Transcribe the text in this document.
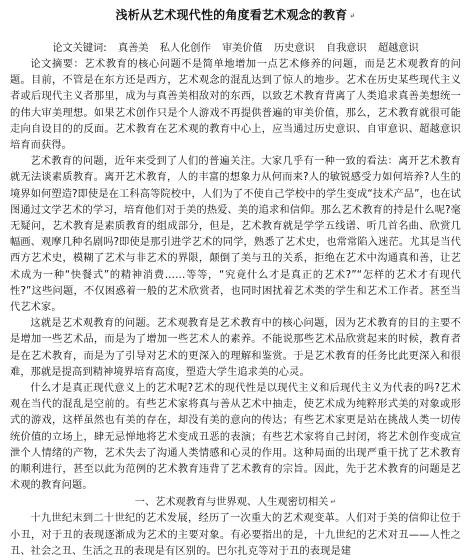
浅析从艺术现代性的角度看艺术观念的教育 ↵
论文关键词: 真善美 私人化创作 审美价值 历史意识 自我意识 超越意识

论文摘要：艺术教育的核心问题不是简单地增加一点艺术修养的问题，而是艺术观教育的问题。目前，不管是在东方还是西方，艺术观念的混乱达到了惊人的地步。艺术在历史某些现代主义者或后现代主义者那里，成为与真善美相敌对的东西，以致艺术教育背离了人类追求真善美想统一的伟大审美理想。如果艺术创作只是个人游戏不再提供普遍的审美价值，那么，艺术教育就很可能走向自设目的的反面。艺术教育在艺术观的教育中心上，应当通过历史意识、自审意识、超越意识培育而获得。

艺术教育的问题，近年来受到了人们的普遍关注。大家几乎有一种一致的看法：离开艺术教育就无法谈素质教育。离开艺术教育，人的丰富的想象力从何而来?人的敏锐感受力如何培养?人生的境界如何塑造?即使是在工科高等院校中，人们为了不使自己学校中的学生变成“技术产品”，也在试图通过文学艺术的学习，培育他们对于美的热爱、美的追求和信仰。那么艺术教育的持是什么呢?毫无疑问，艺术教育是素质教育的组成部分，但是，艺术教育就是学学五线谱、听几首名曲、欣赏几幅画、观摩几种名剧吗?即使是那引进学艺术的同学，熟悉了艺术史，也常常陷入迷茫。尤其是当代西方艺术史，模糊了艺术与非艺术的界限，颠倒了美与丑的关系，拒绝在艺术中沟通真和善，让艺术成为一种“快餐式”的精神消费……等等，“究竟什么才是真正的艺术?”“怎样的艺术才有现代性?”这些问题，不仅困惑着一般的艺术欣赏者，也同时困扰着艺术类的学生和艺术工作者。甚至当代艺术家。

这就是艺术观教育的问题。艺术观教育是艺术教育中的核心问题，因为艺术教育的目的主要不是增加一些艺术品，而是为了增加一些艺术人的素养。不能说那些艺术品欣赏起来的时候，教育者是在艺术教育，而是为了引导对艺术的更深入的理解和鉴赏。于是艺术教育的任务比此更深入和很难，那就是提高到精神境界培育高度，塑造大学生追求美的心灵。

什么才是真正现代意义上的艺术呢?艺术的现代性是以现代主义和后现代主义为代表的吗?艺术观在当代的混乱是空前的。有些艺术家将真与善从艺术中抽走，使艺术成为纯粹形式美的对象或形式的游戏，这样虽然也有美的存在，却没有美的意向的传达；有些艺术家更是站在挑战人类一切传统价值的立场上，肆无忌惮地将艺术变成丑恶的表演；有些艺术家将自己封闭，将艺术创作变成宣泄个人情绪的产物，艺术失去了沟通人类情感和心灵的作用。这种局面的出现严重干扰了艺术教育的顺利进行，甚至以此为范例的艺术教育违背了艺术教育的宗旨。因此，先于艺术教育的问题是艺术观的教育问题。

一、艺术观教育与世界观、人生观密切相关 ↵

十九世纪末到二十世纪的艺术发展，经历了一次重大的艺术观变革。人们对于美的信仰让位于小丑，对于丑的表现逐渐成为艺术的主要对象。有必要指出的是，十九世纪的艺术对丑——人性之丑、社会之丑、生活之丑的表现是有区别的。巴尔扎克等对于丑的表现是建
